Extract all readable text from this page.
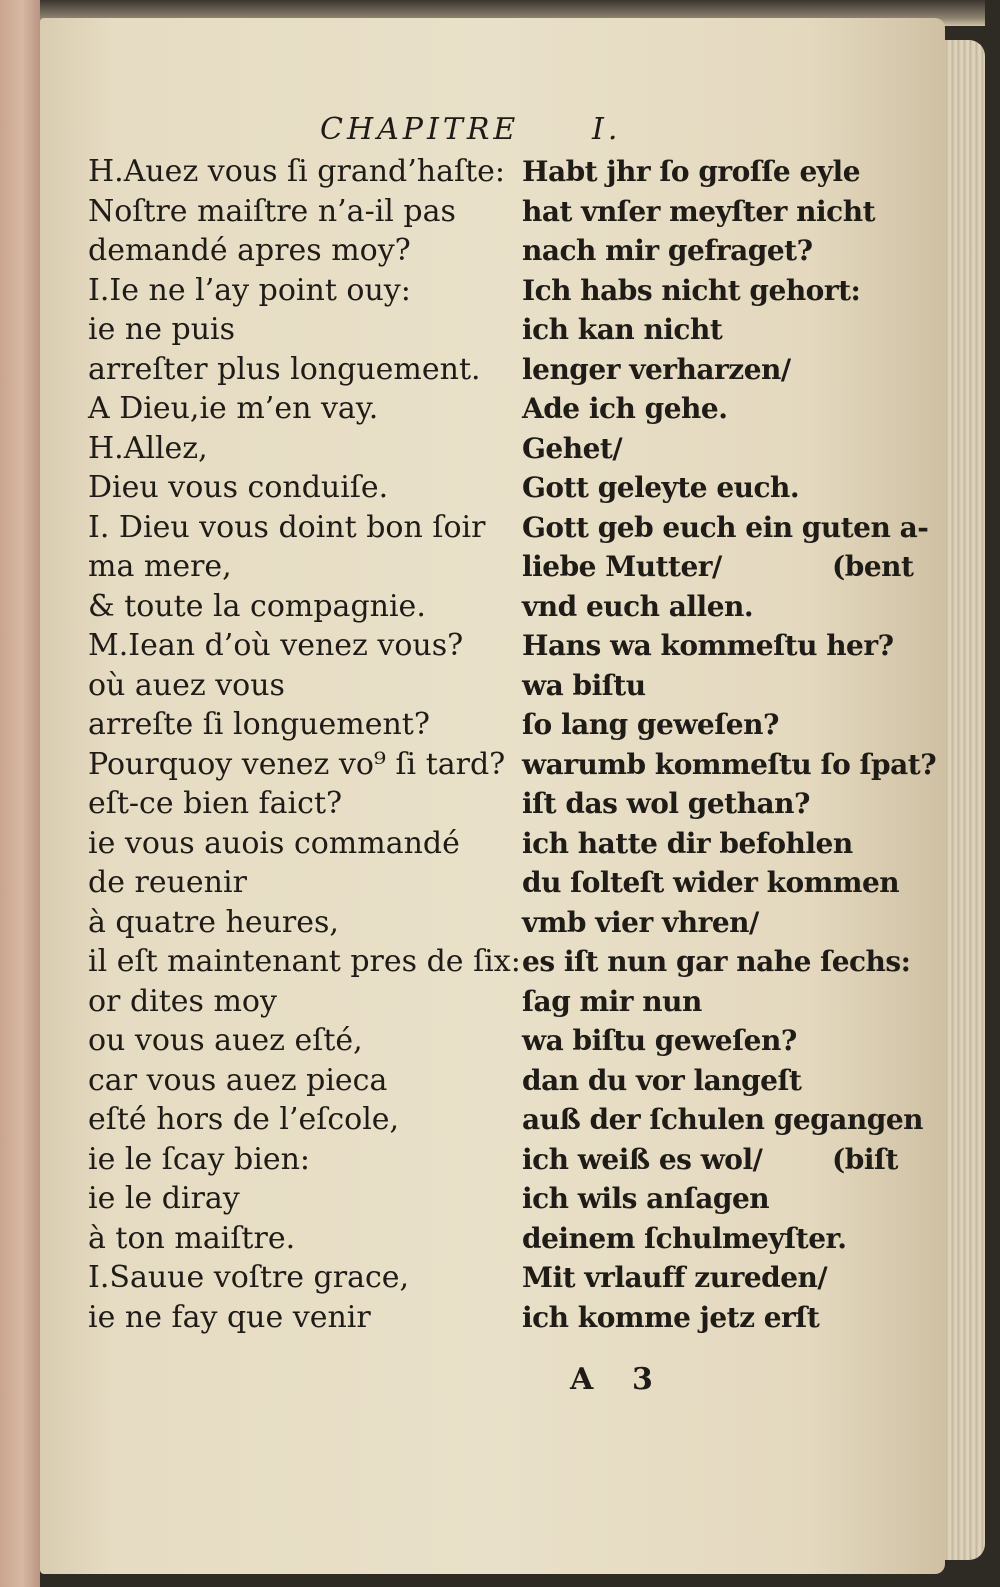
CHAPITRE I.
H.Auez vous ſi grand’haſte:
Noſtre maiſtre n’a-il pas
demandé apres moy?
I.Ie ne l’ay point ouy:
ie ne puis
arreſter plus longuement.
A Dieu,ie m’en vay.
H.Allez,
Dieu vous conduiſe.
I. Dieu vous doint bon ſoir
ma mere,
& toute la compagnie.
M.Iean d’où venez vous?
où auez vous
arreſte ſi longuement?
Pourquoy venez vo⁹ ſi tard?
eſt-ce bien faict?
ie vous auois commandé
de reuenir
à quatre heures,
il eſt maintenant pres de ſix:
or dites moy
ou vous auez eſté,
car vous auez pieca
eſté hors de l’eſcole,
ie le ſcay bien:
ie le diray
à ton maiſtre.
I.Sauue voſtre grace,
ie ne fay que venir
Habt jhr ſo groſſe eyle
hat vnſer meyſter nicht
nach mir gefraget?
Ich habs nicht gehort:
ich kan nicht
lenger verharzen/
Ade ich gehe.
Gehet/
Gott geleyte euch.
Gott geb euch ein guten a-
liebe Mutter/	(bent
vnd euch allen.
Hans wa kommeſtu her?
wa biſtu
ſo lang geweſen?
warumb kommeſtu ſo ſpat?
iſt das wol gethan?
ich hatte dir befohlen
du ſolteſt wider kommen
vmb vier vhren/
es iſt nun gar nahe ſechs:
ſag mir nun
wa biſtu geweſen?
dan du vor langeſt
auß der ſchulen gegangen
ich weiß es wol/ (biſt
ich wils anſagen
deinem ſchulmeyſter.
Mit vrlauff zureden/
ich komme jetz erſt
A 3
